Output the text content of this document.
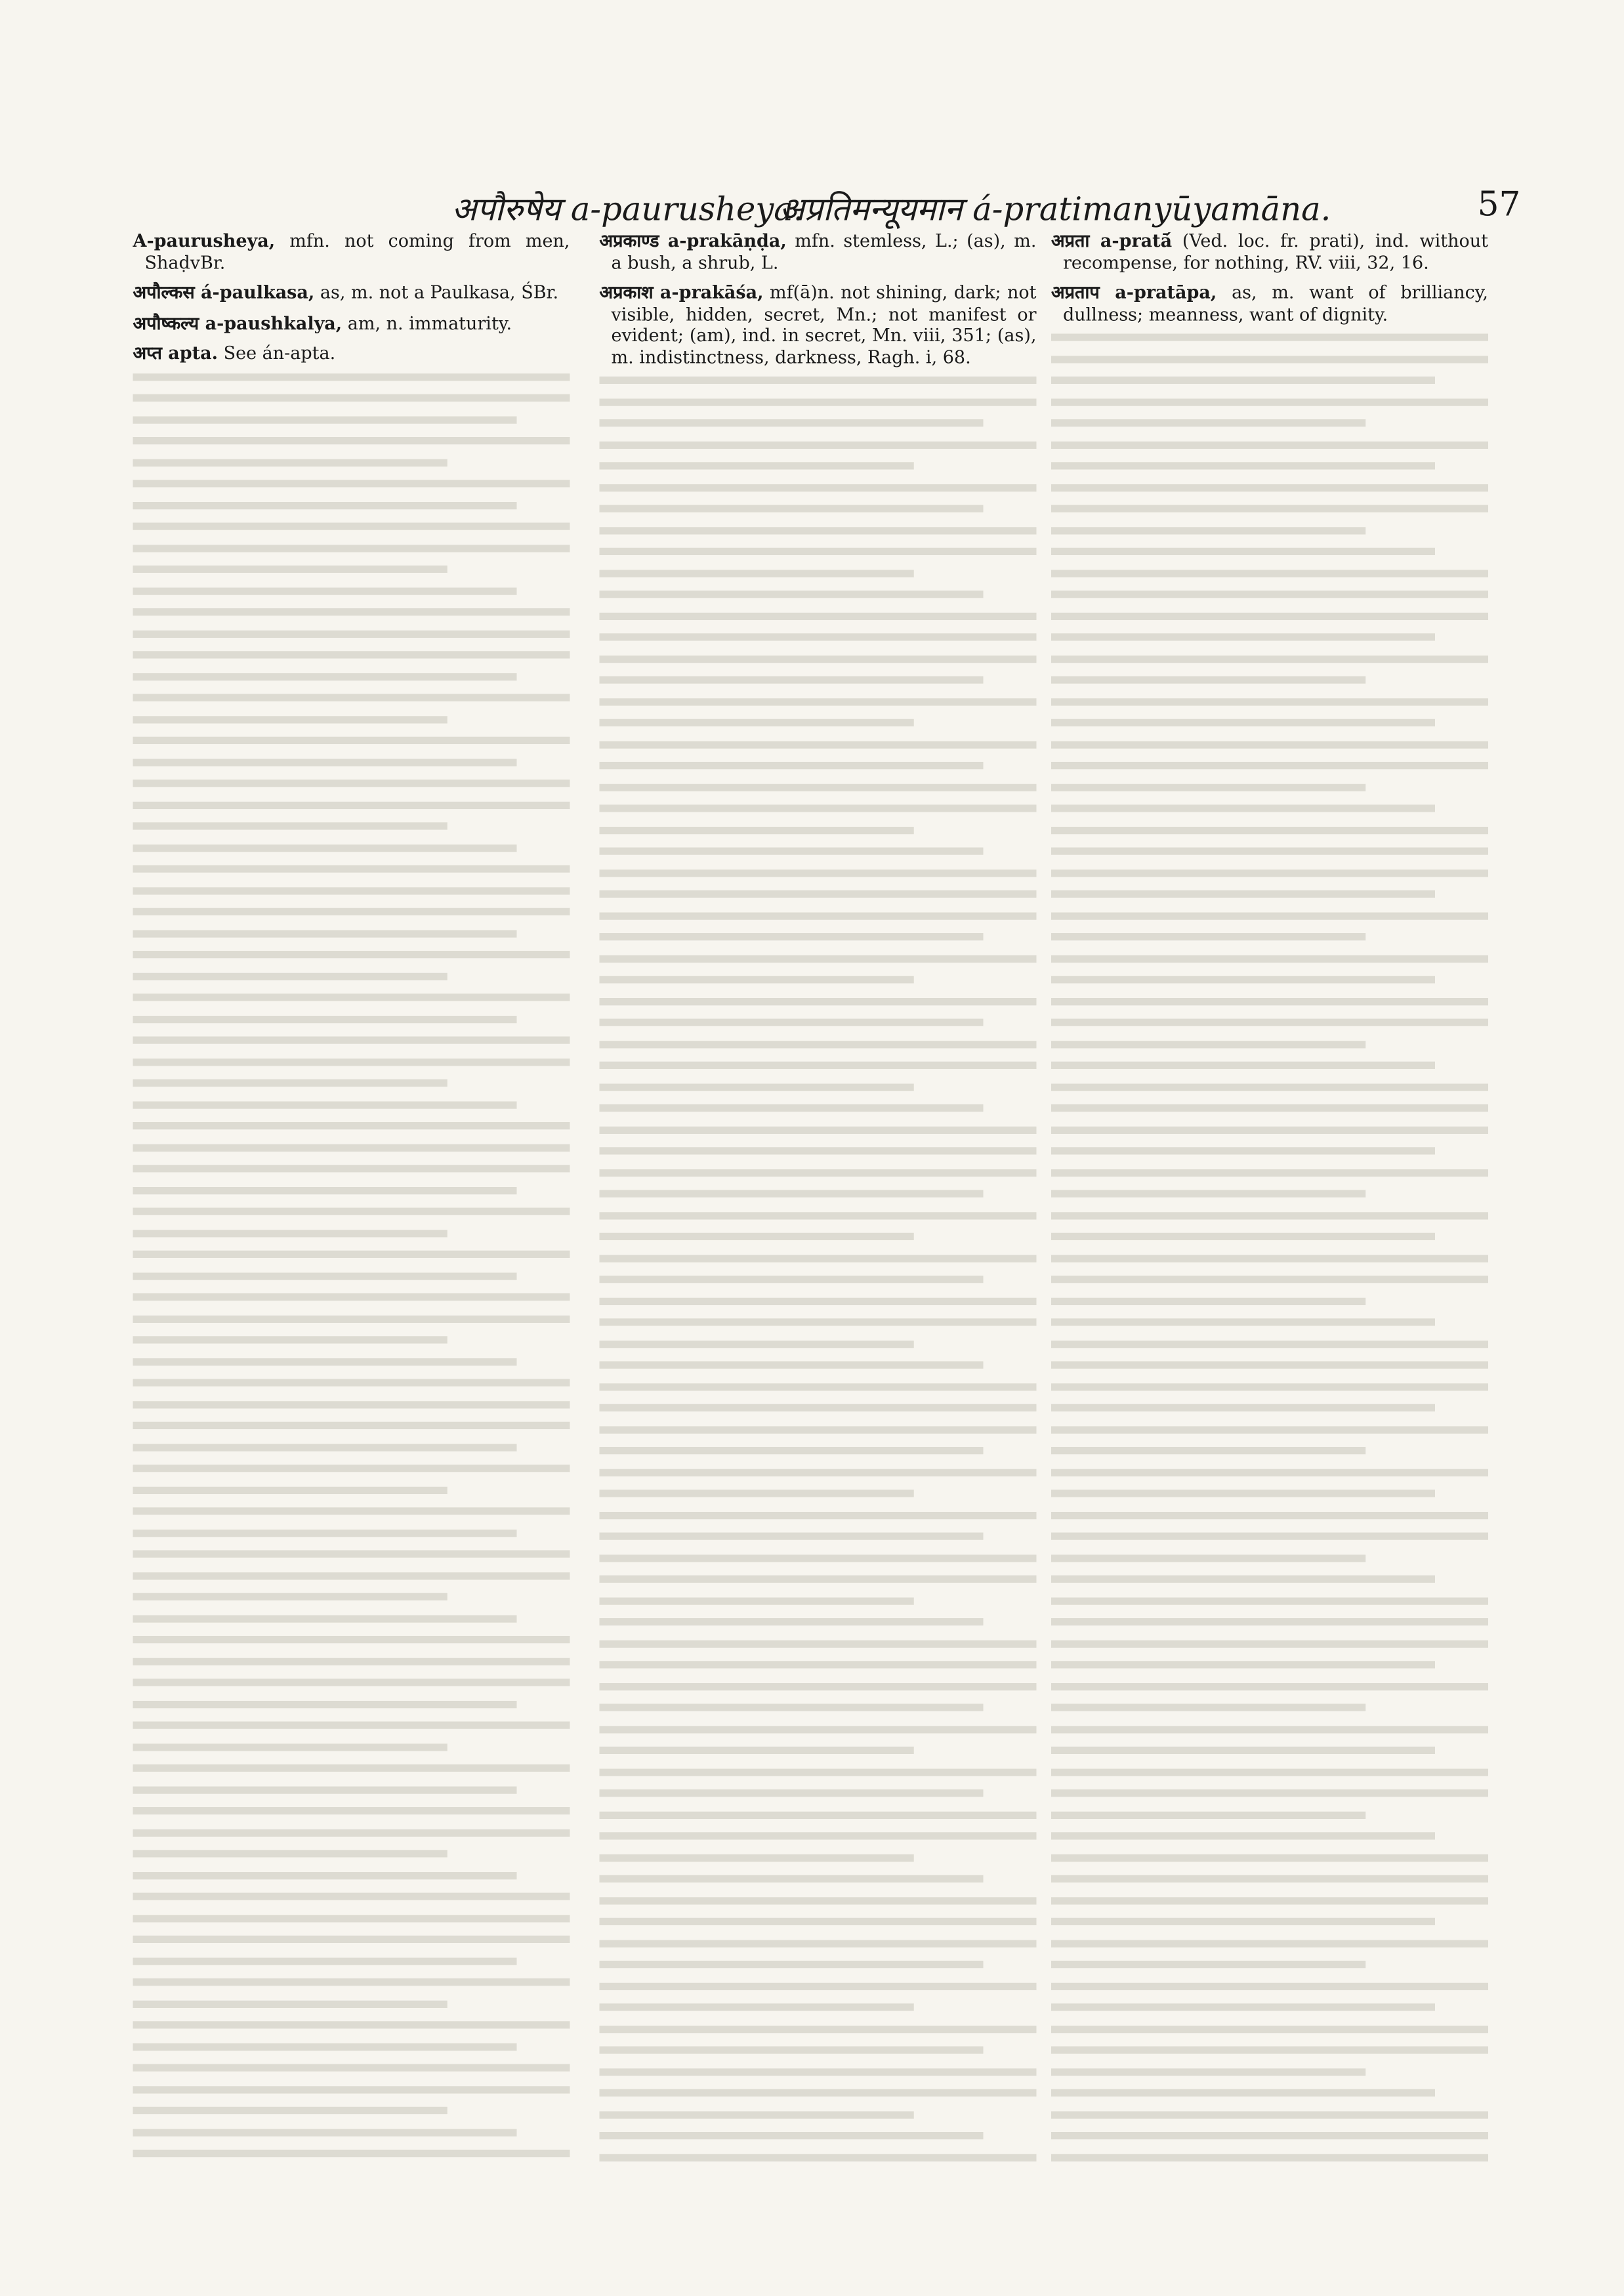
अपौरुषेय a-paurusheya.
अप्रतिमन्यूयमान á-pratimanyūyamāna.	57

A-paurusheya, mfn. not coming from men, ShaḍvBr.

अपौल्कस á-paulkasa, as, m. not a Paulkasa, ŚBr.

अपौष्कल्य a-paushkalya, am, n. immaturity.

अप्त apta. See án-apta.

अप्रकाण्ड a-prakāṇḍa, mfn. stemless, L.; (as), m. a bush, a shrub, L.

अप्रकाश a-prakāśa, mf(ā)n. not shining, dark; not visible, hidden, secret, Mn.; not manifest or evident; (am), ind. in secret, Mn. viii, 351; (as), m. indistinctness, darkness, Ragh. i, 68.

अप्रता a-pratā́ (Ved. loc. fr. prati), ind. without recompense, for nothing, RV. viii, 32, 16.

अप्रताप a-pratāpa, as, m. want of brilliancy, dullness; meanness, want of dignity.
